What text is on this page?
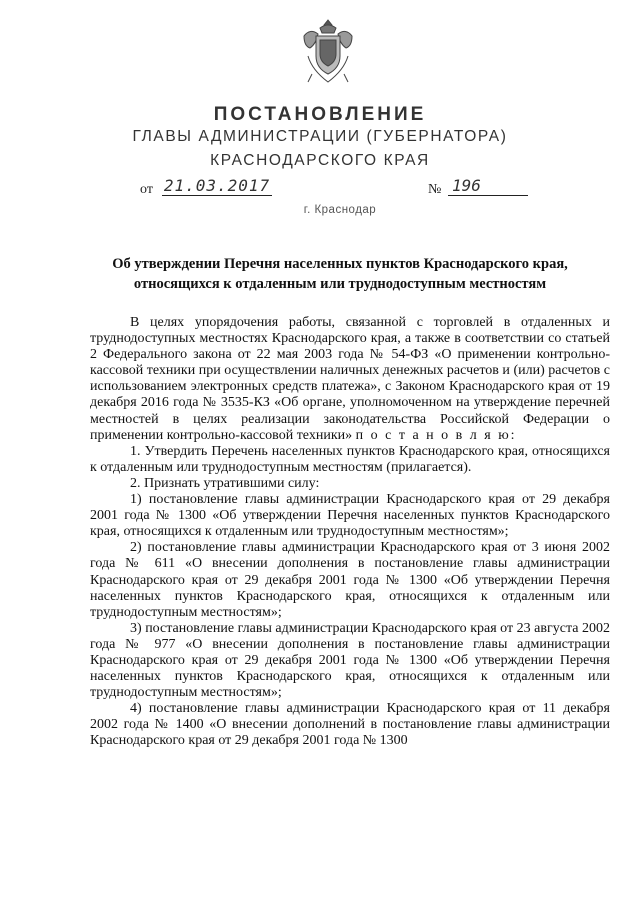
ПОСТАНОВЛЕНИЕ
ГЛАВЫ АДМИНИСТРАЦИИ (ГУБЕРНАТОРА)
КРАСНОДАРСКОГО КРАЯ
от 21.03.2017	№ 196
г. Краснодар
Об утверждении Перечня населенных пунктов Краснодарского края,
относящихся к отдаленным или труднодоступным местностям

В целях упорядочения работы, связанной с торговлей в отдаленных и труднодоступных местностях Краснодарского края, а также в соответствии со статьей 2 Федерального закона от 22 мая 2003 года № 54-ФЗ «О применении контрольно-кассовой техники при осуществлении наличных денежных расчетов и (или) расчетов с использованием электронных средств платежа», с Законом Краснодарского края от 19 декабря 2016 года № 3535-КЗ «Об органе, уполномоченном на утверждение перечней местностей в целях реализации законодательства Российской Федерации о применении контрольно-кассовой техники» п о с т а н о в л я ю:

1. Утвердить Перечень населенных пунктов Краснодарского края, относящихся к отдаленным или труднодоступным местностям (прилагается).

2. Признать утратившими силу:

1) постановление главы администрации Краснодарского края от 29 декабря 2001 года № 1300 «Об утверждении Перечня населенных пунктов Краснодарского края, относящихся к отдаленным или труднодоступным местностям»;

2) постановление главы администрации Краснодарского края от 3 июня 2002 года № 611 «О внесении дополнения в постановление главы администрации Краснодарского края от 29 декабря 2001 года № 1300 «Об утверждении Перечня населенных пунктов Краснодарского края, относящихся к отдаленным или труднодоступным местностям»;

3) постановление главы администрации Краснодарского края от 23 августа 2002 года № 977 «О внесении дополнения в постановление главы администрации Краснодарского края от 29 декабря 2001 года № 1300 «Об утверждении Перечня населенных пунктов Краснодарского края, относящихся к отдаленным или труднодоступным местностям»;

4) постановление главы администрации Краснодарского края от 11 декабря 2002 года № 1400 «О внесении дополнений в постановление главы администрации Краснодарского края от 29 декабря 2001 года № 1300
